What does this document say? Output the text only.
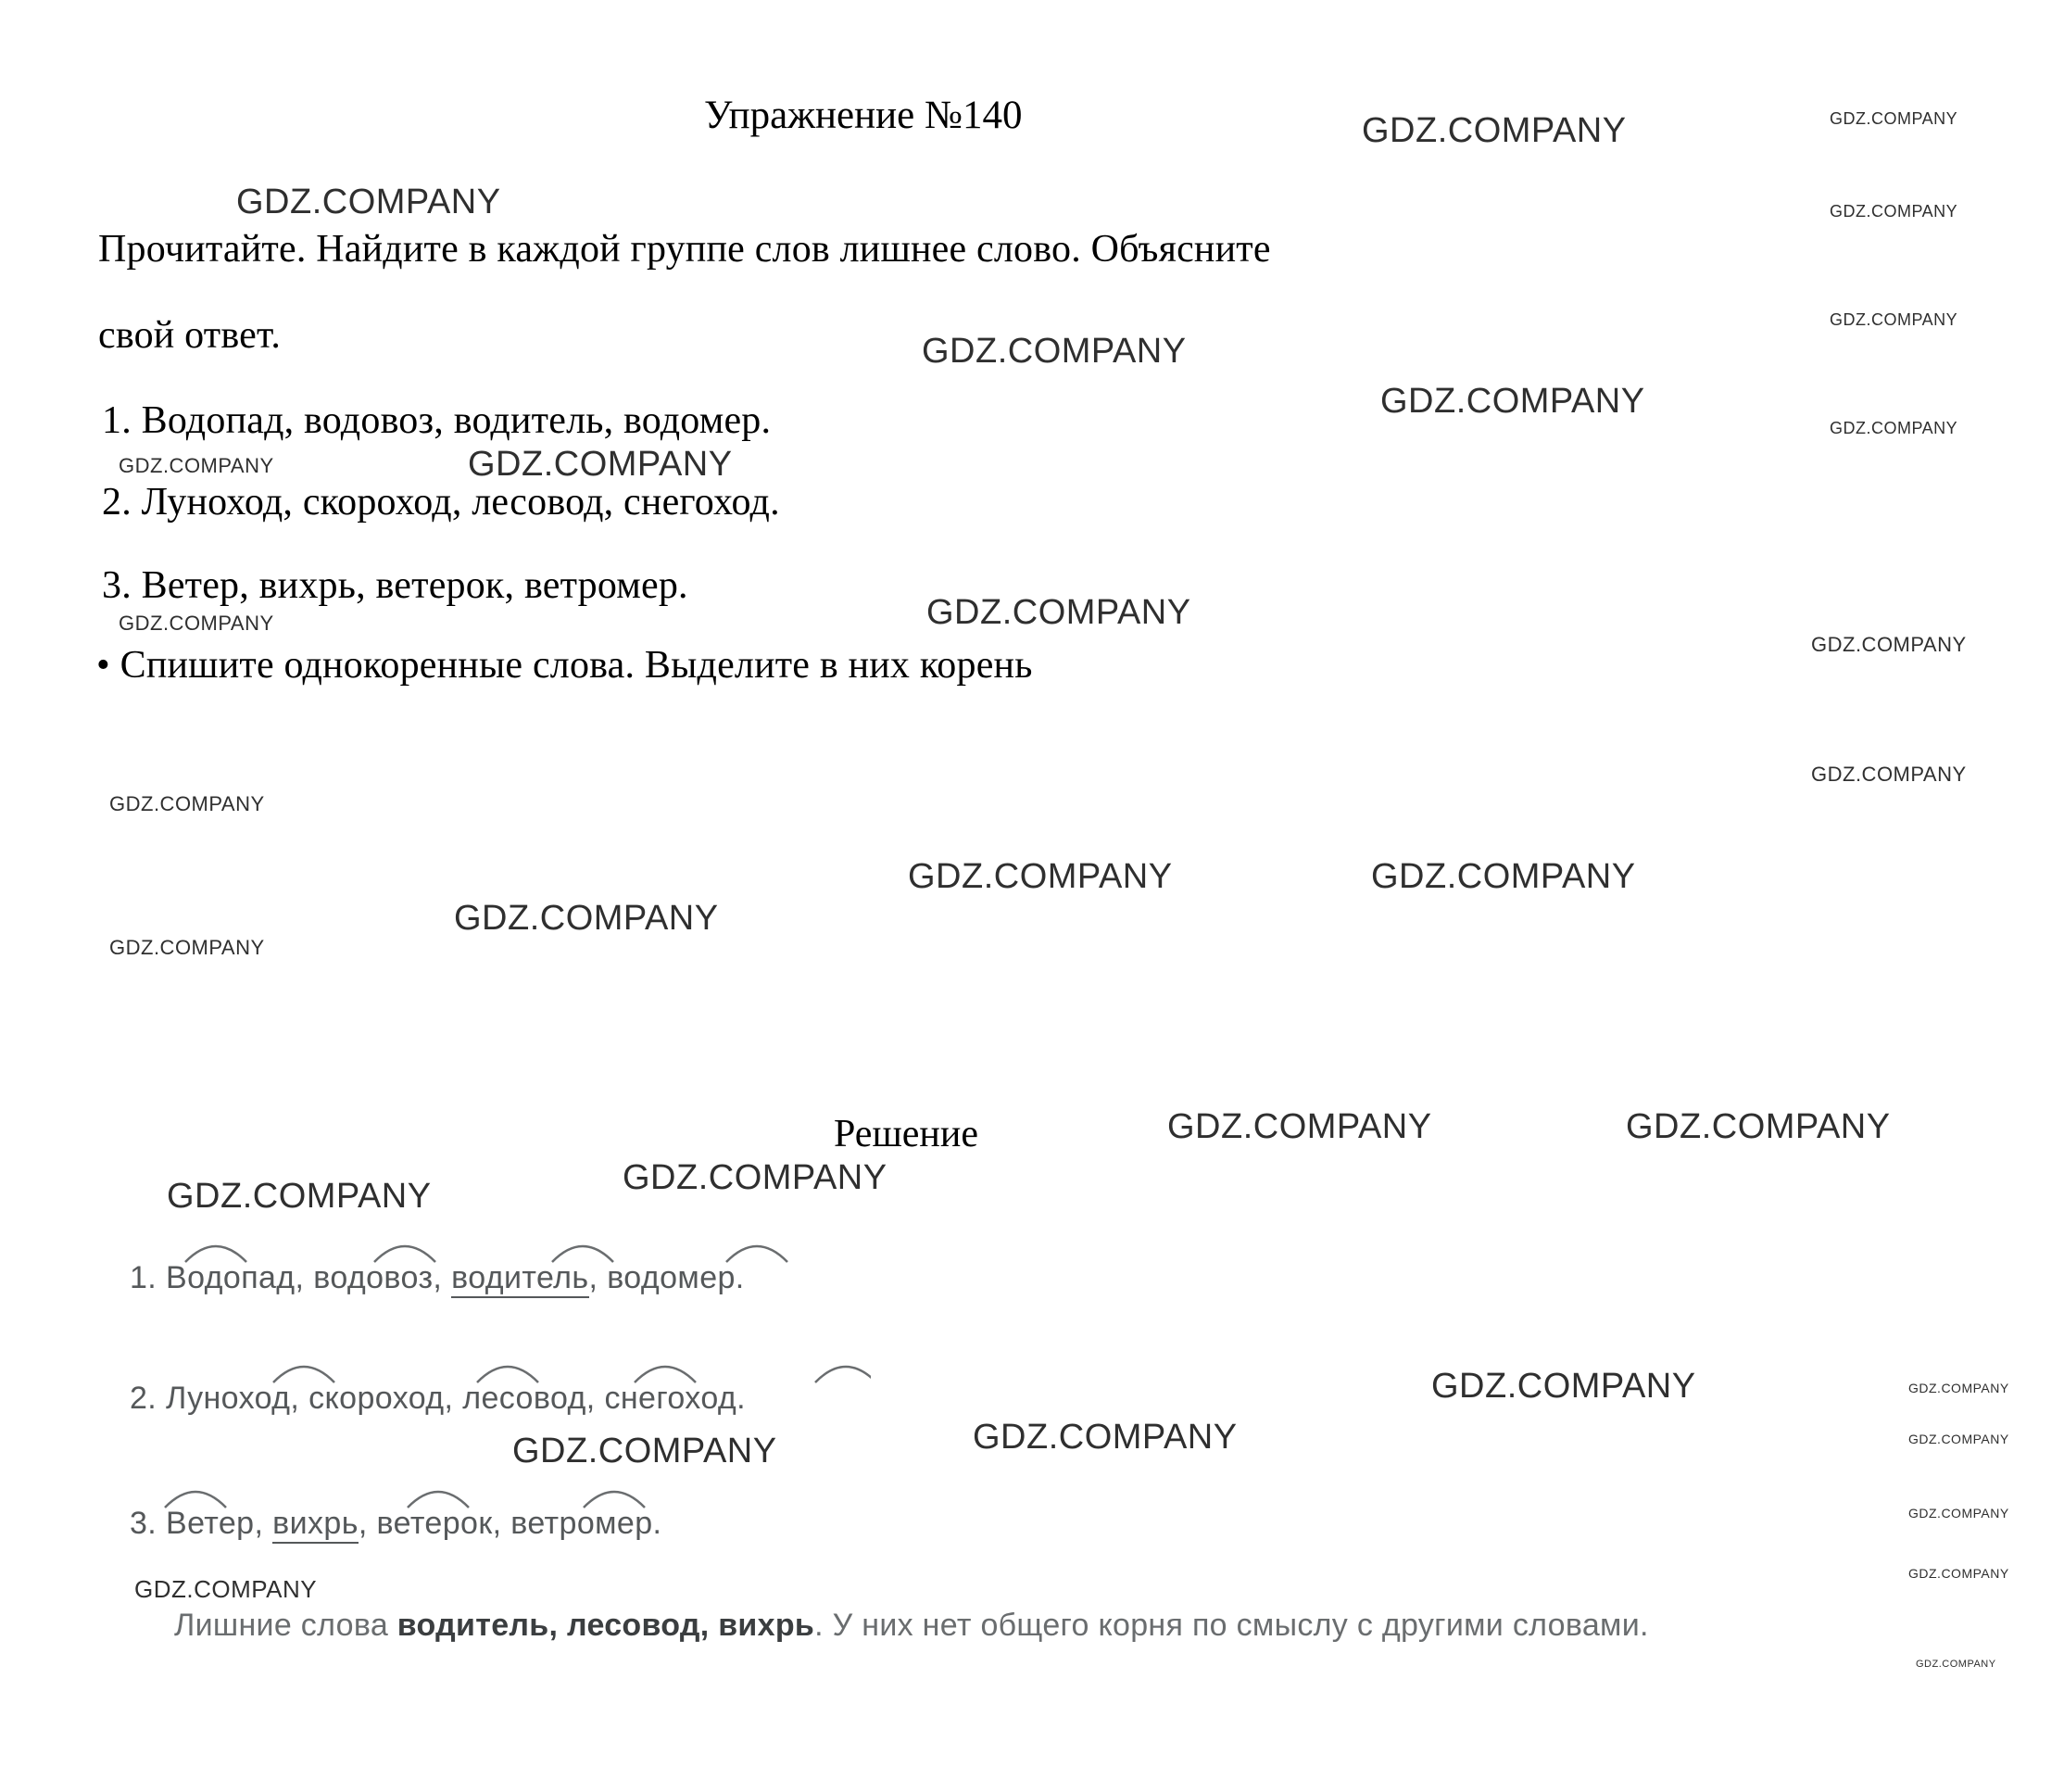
Упражнение №140
Прочитайте. Найдите в каждой группе слов лишнее слово. Объясните
свой ответ.
1. Водопад, водовоз, водитель, водомер.
2. Луноход, скороход, лесовод, снегоход.
3. Ветер, вихрь, ветерок, ветромер.
• Спишите однокоренные слова. Выделите в них корень
Решение
1. Водопад, водовоз, водитель, водомер.
2. Луноход, скороход, лесовод, снегоход.
3. Ветер, вихрь, ветерок, ветромер.
Лишние слова водитель, лесовод, вихрь. У них нет общего корня по смыслу с другими словами.
GDZ.COMPANY	GDZ.COMPANY
GDZ.COMPANY	GDZ.COMPANY
GDZ.COMPANY
GDZ.COMPANY
GDZ.COMPANY
GDZ.COMPANY
GDZ.COMPANY	GDZ.COMPANY
GDZ.COMPANY	GDZ.COMPANY
GDZ.COMPANY
GDZ.COMPANY
GDZ.COMPANY
GDZ.COMPANY
GDZ.COMPANY	GDZ.COMPANY
GDZ.COMPANY
GDZ.COMPANY	GDZ.COMPANY
GDZ.COMPANY
GDZ.COMPANY
GDZ.COMPANY
GDZ.COMPANY	GDZ.COMPANY
GDZ.COMPANY
GDZ.COMPANY
GDZ.COMPANY
GDZ.COMPANY
GDZ.COMPANY
GDZ.COMPANY
